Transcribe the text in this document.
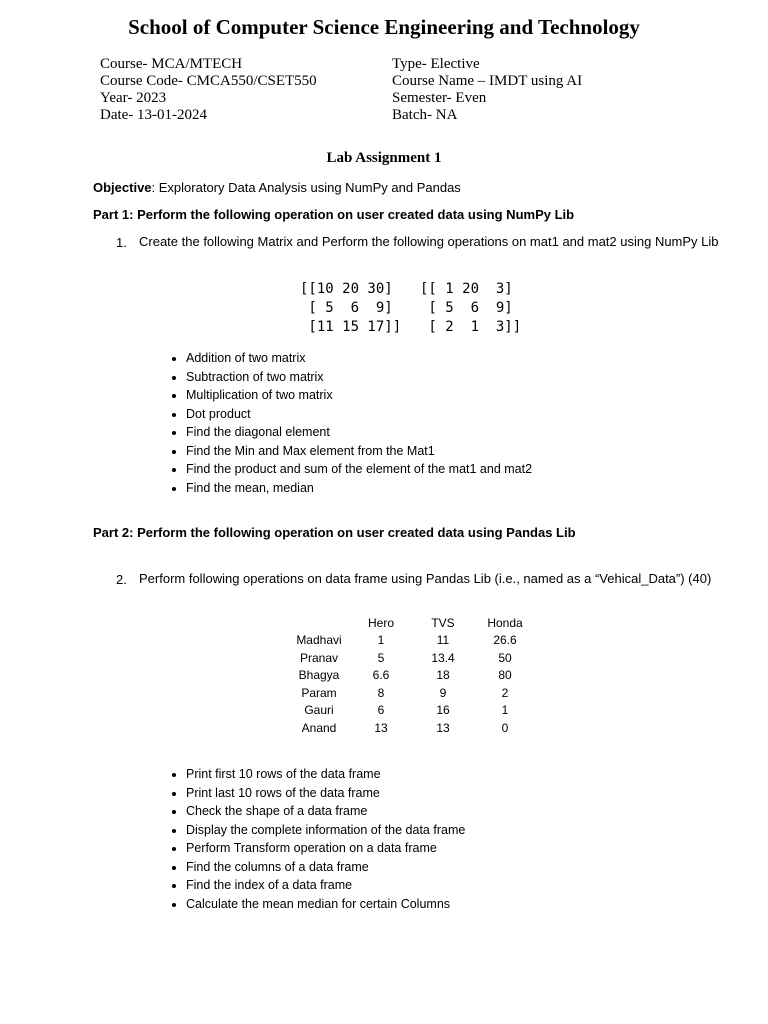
School of Computer Science Engineering and Technology
Course- MCA/MTECH
Course Code- CMCA550/CSET550
Year- 2023
Date- 13-01-2024
Type- Elective
Course Name – IMDT using AI
Semester- Even
Batch- NA
Lab Assignment 1
Objective: Exploratory Data Analysis using NumPy and Pandas
Part 1: Perform the following operation on user created data using NumPy Lib
1. Create the following Matrix and Perform the following operations on mat1 and mat2 using NumPy Lib
[[10 20 30]
[ 5  6  9]
[11 15 17]]
[[ 1 20  3]
[ 5  6  9]
[ 2  1  3]]
• Addition of two matrix
• Subtraction of two matrix
• Multiplication of two matrix
• Dot product
• Find the diagonal element
• Find the Min and Max element from the Mat1
• Find the product and sum of the element of the mat1 and mat2
• Find the mean, median
Part 2: Perform the following operation on user created data using Pandas Lib
2. Perform following operations on data frame using Pandas Lib (i.e., named as a “Vehical_Data”) (40)
	Hero	TVS	Honda
Madhavi	1	11	26.6
Pranav	5	13.4	50
Bhagya	6.6	18	80
Param	8	9	2
Gauri	6	16	1
Anand	13	13	0
• Print first 10 rows of the data frame
• Print last 10 rows of the data frame
• Check the shape of a data frame
• Display the complete information of the data frame
• Perform Transform operation on a data frame
• Find the columns of a data frame
• Find the index of a data frame
• Calculate the mean median for certain Columns
